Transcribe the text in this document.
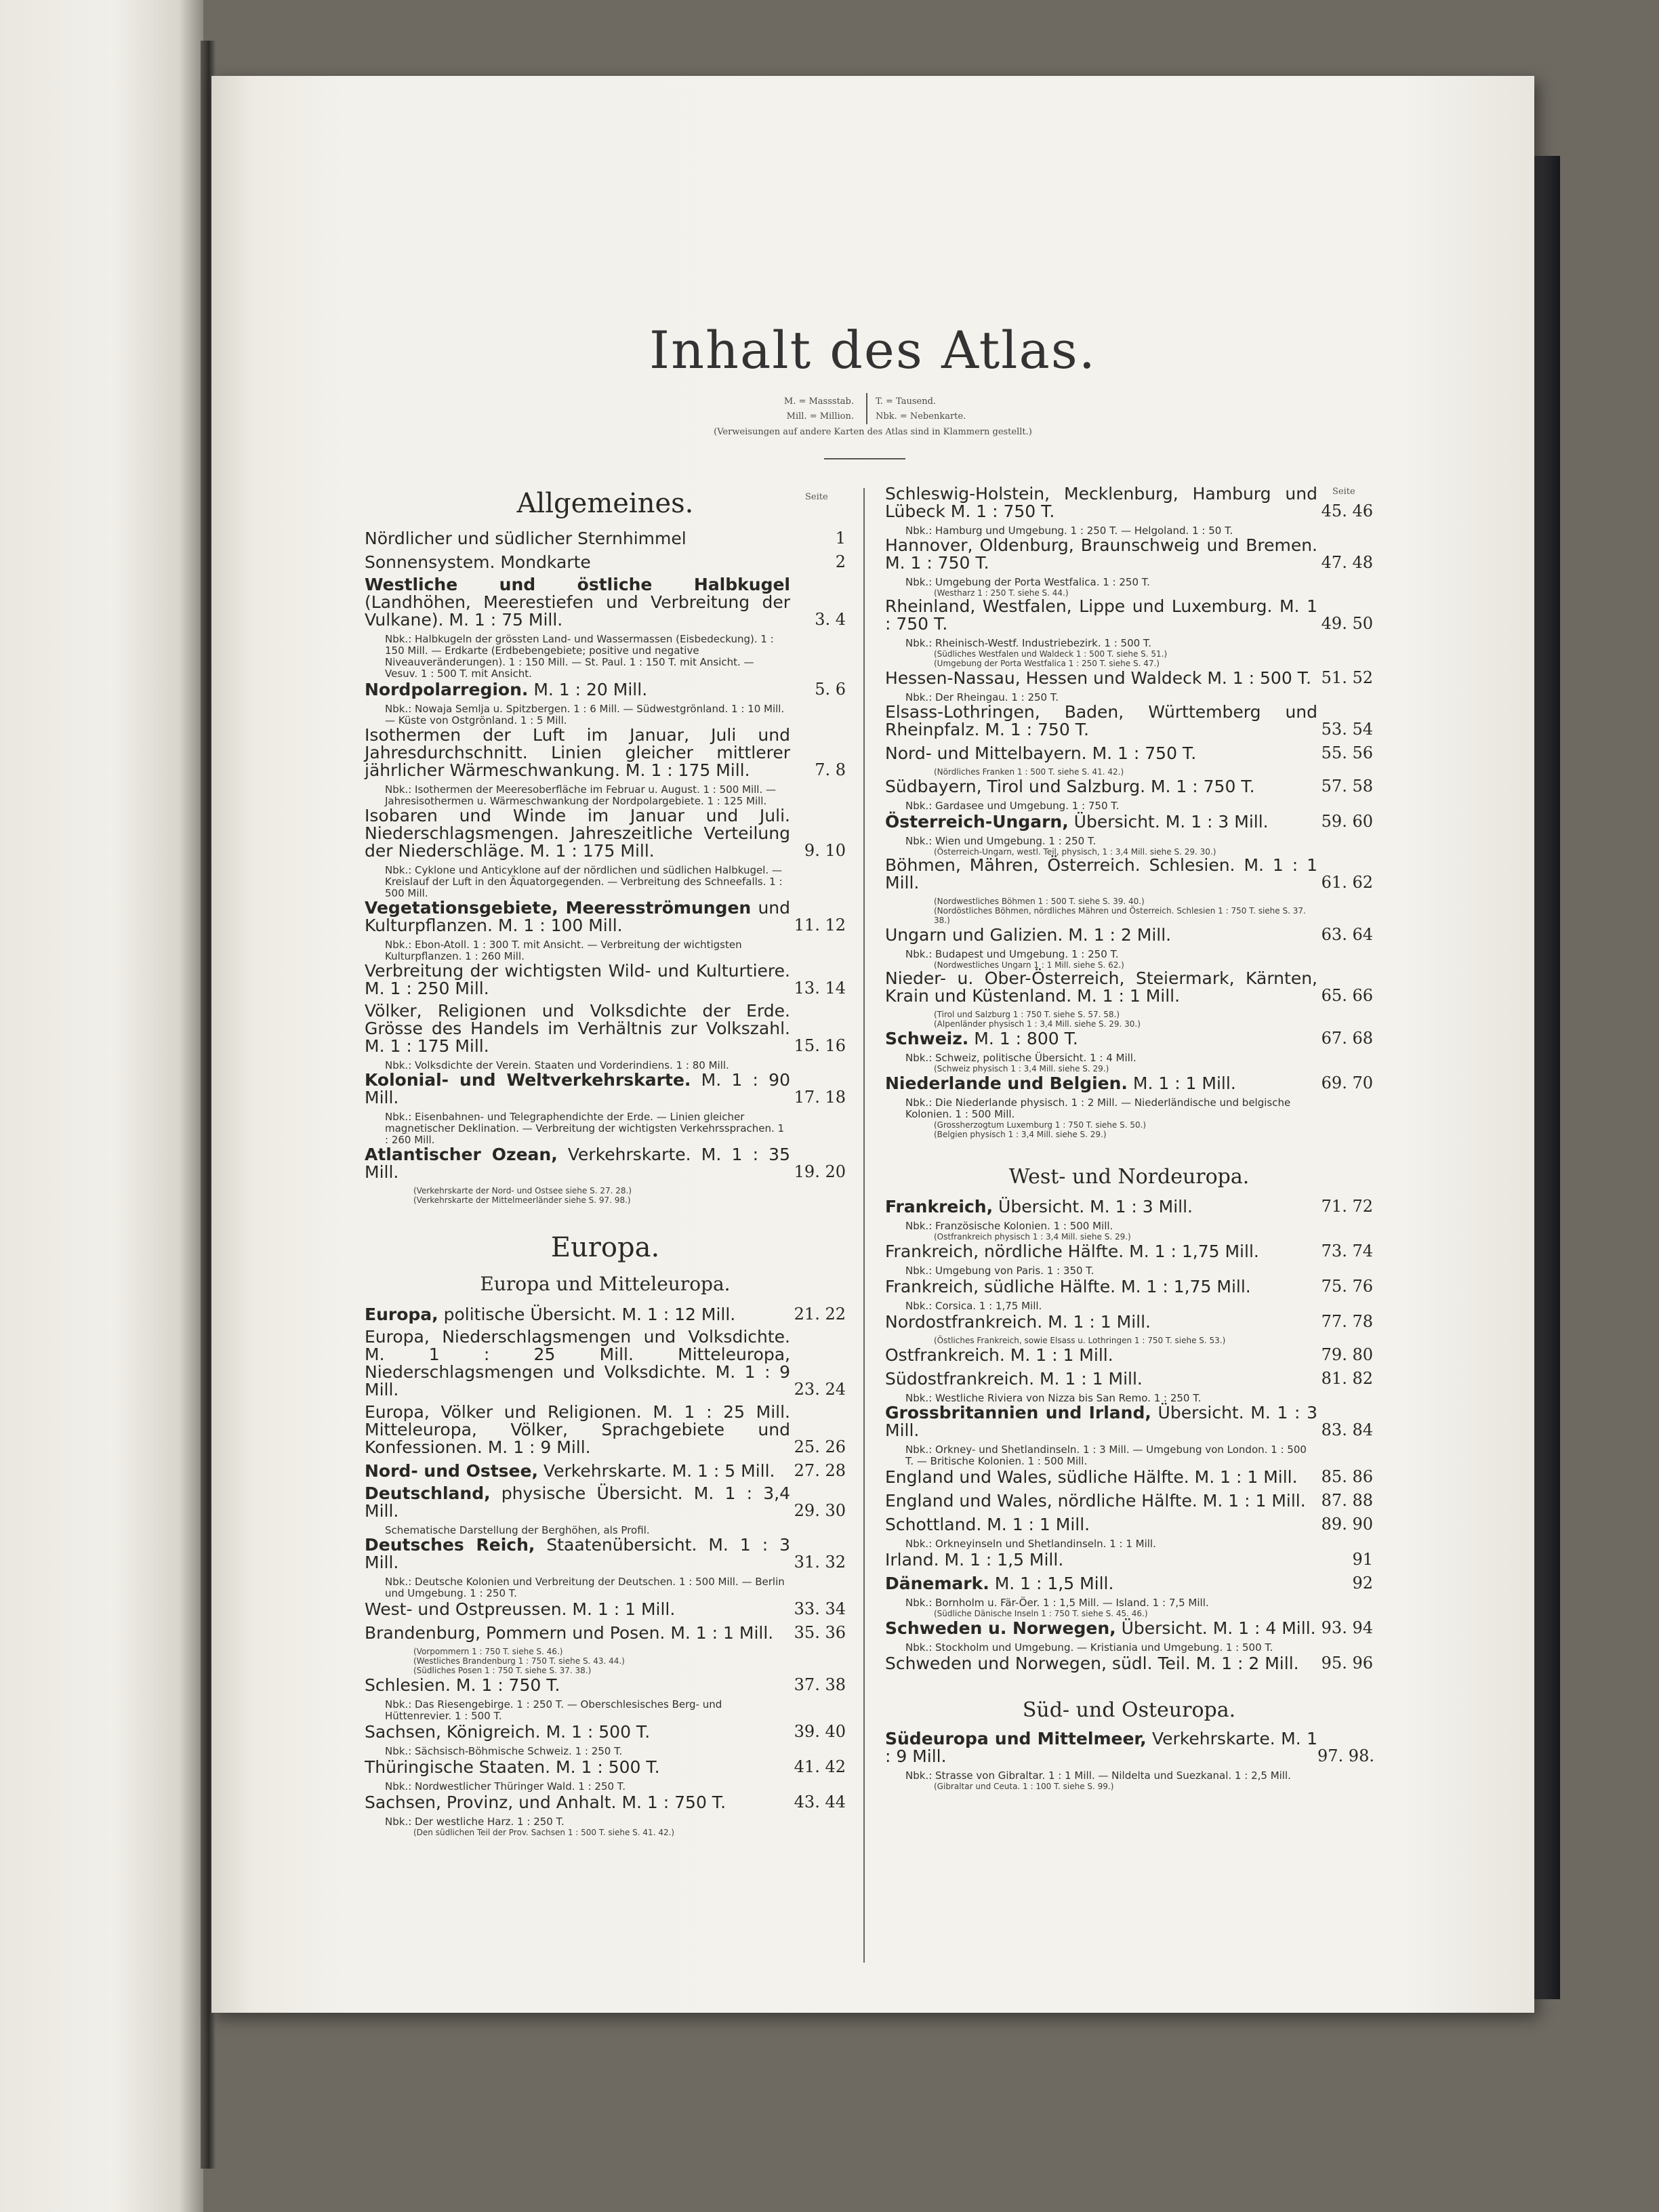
Inhalt des Atlas.
M. = Massstab.
Mill. = Million.
T. = Tausend.
Nbk. = Nebenkarte.
(Verweisungen auf andere Karten des Atlas sind in Klammern gestellt.)
Seite
Allgemeines.
Nördlicher und südlicher Sternhimmel	1
Sonnensystem. Mondkarte	2
Westliche und östliche Halbkugel (Landhöhen, Meerestiefen und Verbreitung der Vulkane). M. 1 : 75 Mill.	3. 4
Nbk.: Halbkugeln der grössten Land- und Wassermassen (Eisbedeckung). 1 : 150 Mill. — Erdkarte (Erdbebengebiete; positive und negative Niveauveränderungen). 1 : 150 Mill. — St. Paul. 1 : 150 T. mit Ansicht. — Vesuv. 1 : 500 T. mit Ansicht.
Nordpolarregion. M. 1 : 20 Mill.	5. 6
Nbk.: Nowaja Semlja u. Spitzbergen. 1 : 6 Mill. — Südwestgrönland. 1 : 10 Mill. — Küste von Ostgrönland. 1 : 5 Mill.
Isothermen der Luft im Januar, Juli und Jahresdurchschnitt. Linien gleicher mittlerer jährlicher Wärmeschwankung. M. 1 : 175 Mill.	7. 8
Nbk.: Isothermen der Meeresoberfläche im Februar u. August. 1 : 500 Mill. — Jahresisothermen u. Wärmeschwankung der Nordpolargebiete. 1 : 125 Mill.
Isobaren und Winde im Januar und Juli. Niederschlagsmengen. Jahreszeitliche Verteilung der Niederschläge. M. 1 : 175 Mill.	9. 10
Nbk.: Cyklone und Anticyklone auf der nördlichen und südlichen Halbkugel. — Kreislauf der Luft in den Äquatorgegenden. — Verbreitung des Schneefalls. 1 : 500 Mill.
Vegetationsgebiete, Meeresströmungen und Kulturpflanzen. M. 1 : 100 Mill.	11. 12
Nbk.: Ebon-Atoll. 1 : 300 T. mit Ansicht. — Verbreitung der wichtigsten Kulturpflanzen. 1 : 260 Mill.
Verbreitung der wichtigsten Wild- und Kulturtiere. M. 1 : 250 Mill.	13. 14
Völker, Religionen und Volksdichte der Erde. Grösse des Handels im Verhältnis zur Volkszahl. M. 1 : 175 Mill.	15. 16
Nbk.: Volksdichte der Verein. Staaten und Vorderindiens. 1 : 80 Mill.
Kolonial- und Weltverkehrskarte. M. 1 : 90 Mill.	17. 18
Nbk.: Eisenbahnen- und Telegraphendichte der Erde. — Linien gleicher magnetischer Deklination. — Verbreitung der wichtigsten Verkehrssprachen. 1 : 260 Mill.
Atlantischer Ozean, Verkehrskarte. M. 1 : 35 Mill.	19. 20
(Verkehrskarte der Nord- und Ostsee siehe S. 27. 28.)
(Verkehrskarte der Mittelmeerländer siehe S. 97. 98.)
Europa.
Europa und Mitteleuropa.
Europa, politische Übersicht. M. 1 : 12 Mill.	21. 22
Europa, Niederschlagsmengen und Volksdichte. M. 1 : 25 Mill. Mitteleuropa, Niederschlagsmengen und Volksdichte. M. 1 : 9 Mill.	23. 24
Europa, Völker und Religionen. M. 1 : 25 Mill. Mitteleuropa, Völker, Sprachgebiete und Konfessionen. M. 1 : 9 Mill.	25. 26
Nord- und Ostsee, Verkehrskarte. M. 1 : 5 Mill.	27. 28
Deutschland, physische Übersicht. M. 1 : 3,4 Mill.	29. 30
Schematische Darstellung der Berghöhen, als Profil.
Deutsches Reich, Staatenübersicht. M. 1 : 3 Mill.	31. 32
Nbk.: Deutsche Kolonien und Verbreitung der Deutschen. 1 : 500 Mill. — Berlin und Umgebung. 1 : 250 T.
West- und Ostpreussen. M. 1 : 1 Mill.	33. 34
Brandenburg, Pommern und Posen. M. 1 : 1 Mill.	35. 36
(Vorpommern 1 : 750 T. siehe S. 46.)
(Westliches Brandenburg 1 : 750 T. siehe S. 43. 44.)
(Südliches Posen 1 : 750 T. siehe S. 37. 38.)
Schlesien. M. 1 : 750 T.	37. 38
Nbk.: Das Riesengebirge. 1 : 250 T. — Oberschlesisches Berg- und Hüttenrevier. 1 : 500 T.
Sachsen, Königreich. M. 1 : 500 T.	39. 40
Nbk.: Sächsisch-Böhmische Schweiz. 1 : 250 T.
Thüringische Staaten. M. 1 : 500 T.	41. 42
Nbk.: Nordwestlicher Thüringer Wald. 1 : 250 T.
Sachsen, Provinz, und Anhalt. M. 1 : 750 T.	43. 44
Nbk.: Der westliche Harz. 1 : 250 T.
(Den südlichen Teil der Prov. Sachsen 1 : 500 T. siehe S. 41. 42.)
Seite
Schleswig-Holstein, Mecklenburg, Hamburg und Lübeck M. 1 : 750 T.	45. 46
Nbk.: Hamburg und Umgebung. 1 : 250 T. — Helgoland. 1 : 50 T.
Hannover, Oldenburg, Braunschweig und Bremen. M. 1 : 750 T.	47. 48
Nbk.: Umgebung der Porta Westfalica. 1 : 250 T.
(Westharz 1 : 250 T. siehe S. 44.)
Rheinland, Westfalen, Lippe und Luxemburg. M. 1 : 750 T.	49. 50
Nbk.: Rheinisch-Westf. Industriebezirk. 1 : 500 T.
(Südliches Westfalen und Waldeck 1 : 500 T. siehe S. 51.)
(Umgebung der Porta Westfalica 1 : 250 T. siehe S. 47.)
Hessen-Nassau, Hessen und Waldeck M. 1 : 500 T. 51. 52
Nbk.: Der Rheingau. 1 : 250 T.
Elsass-Lothringen, Baden, Württemberg und Rheinpfalz. M. 1 : 750 T.	53. 54
Nord- und Mittelbayern. M. 1 : 750 T.	55. 56
(Nördliches Franken 1 : 500 T. siehe S. 41. 42.)
Südbayern, Tirol und Salzburg. M. 1 : 750 T.	57. 58
Nbk.: Gardasee und Umgebung. 1 : 750 T.
Österreich-Ungarn, Übersicht. M. 1 : 3 Mill.	59. 60
Nbk.: Wien und Umgebung. 1 : 250 T.
(Österreich-Ungarn, westl. Teil, physisch, 1 : 3,4 Mill. siehe S. 29. 30.)
Böhmen, Mähren, Österreich. Schlesien. M. 1 : 1 Mill.	61. 62
(Nordwestliches Böhmen 1 : 500 T. siehe S. 39. 40.)
(Nordöstliches Böhmen, nördliches Mähren und Österreich. Schlesien 1 : 750 T. siehe S. 37. 38.)
Ungarn und Galizien. M. 1 : 2 Mill.	63. 64
Nbk.: Budapest und Umgebung. 1 : 250 T.
(Nordwestliches Ungarn 1 : 1 Mill. siehe S. 62.)
Nieder- u. Ober-Österreich, Steiermark, Kärnten, Krain und Küstenland. M. 1 : 1 Mill.	65. 66
(Tirol und Salzburg 1 : 750 T. siehe S. 57. 58.)
(Alpenländer physisch 1 : 3,4 Mill. siehe S. 29. 30.)
Schweiz. M. 1 : 800 T.	67. 68
Nbk.: Schweiz, politische Übersicht. 1 : 4 Mill.
(Schweiz physisch 1 : 3,4 Mill. siehe S. 29.)
Niederlande und Belgien. M. 1 : 1 Mill.	69. 70
Nbk.: Die Niederlande physisch. 1 : 2 Mill. — Niederländische und belgische Kolonien. 1 : 500 Mill.
(Grossherzogtum Luxemburg 1 : 750 T. siehe S. 50.)
(Belgien physisch 1 : 3,4 Mill. siehe S. 29.)
West- und Nordeuropa.
Frankreich, Übersicht. M. 1 : 3 Mill.	71. 72
Nbk.: Französische Kolonien. 1 : 500 Mill.
(Ostfrankreich physisch 1 : 3,4 Mill. siehe S. 29.)
Frankreich, nördliche Hälfte. M. 1 : 1,75 Mill.	73. 74
Nbk.: Umgebung von Paris. 1 : 350 T.
Frankreich, südliche Hälfte. M. 1 : 1,75 Mill.	75. 76
Nbk.: Corsica. 1 : 1,75 Mill.
Nordostfrankreich. M. 1 : 1 Mill.	77. 78
(Östliches Frankreich, sowie Elsass u. Lothringen 1 : 750 T. siehe S. 53.)
Ostfrankreich. M. 1 : 1 Mill.	79. 80
Südostfrankreich. M. 1 : 1 Mill.	81. 82
Nbk.: Westliche Riviera von Nizza bis San Remo. 1 : 250 T.
Grossbritannien und Irland, Übersicht. M. 1 : 3 Mill.	83. 84
Nbk.: Orkney- und Shetlandinseln. 1 : 3 Mill. — Umgebung von London. 1 : 500 T. — Britische Kolonien. 1 : 500 Mill.
England und Wales, südliche Hälfte. M. 1 : 1 Mill.	85. 86
England und Wales, nördliche Hälfte. M. 1 : 1 Mill. 87. 88
Schottland. M. 1 : 1 Mill.	89. 90
Nbk.: Orkneyinseln und Shetlandinseln. 1 : 1 Mill.
Irland. M. 1 : 1,5 Mill.	91
Dänemark. M. 1 : 1,5 Mill.	92
Nbk.: Bornholm u. Fär-Öer. 1 : 1,5 Mill. — Island. 1 : 7,5 Mill.
(Südliche Dänische Inseln 1 : 750 T. siehe S. 45. 46.)
Schweden u. Norwegen, Übersicht. M. 1 : 4 Mill. 93. 94
Nbk.: Stockholm und Umgebung. — Kristiania und Umgebung. 1 : 500 T.
Schweden und Norwegen, südl. Teil. M. 1 : 2 Mill.	95. 96
Süd- und Osteuropa.
Südeuropa und Mittelmeer, Verkehrskarte. M. 1 : 9 Mill.	97. 98.
Nbk.: Strasse von Gibraltar. 1 : 1 Mill. — Nildelta und Suezkanal. 1 : 2,5 Mill.
(Gibraltar und Ceuta. 1 : 100 T. siehe S. 99.)
